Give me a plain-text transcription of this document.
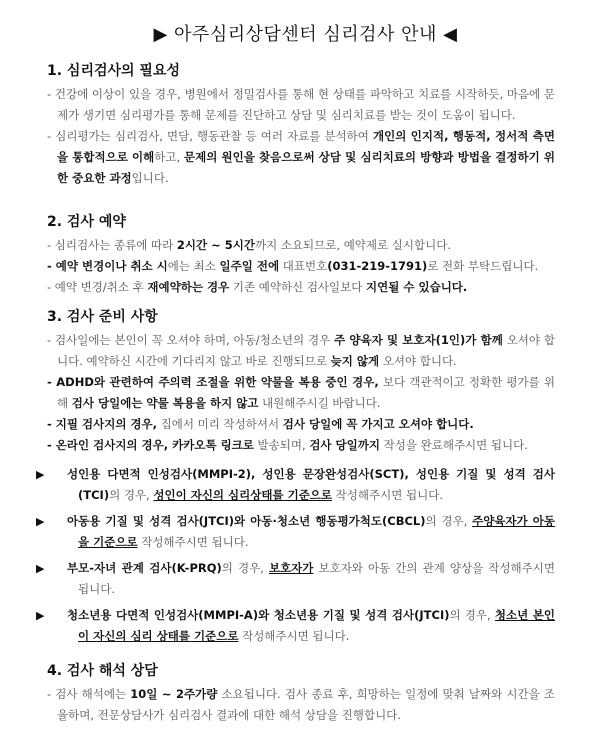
▶ 아주심리상담센터 심리검사 안내 ◀
1. 심리검사의 필요성

- 건강에 이상이 있을 경우, 병원에서 정밀검사를 통해 현 상태를 파악하고 치료를 시작하듯, 마음에 문제가 생기면 심리평가를 통해 문제를 진단하고 상담 및 심리치료를 받는 것이 도움이 됩니다.

- 심리평가는 심리검사, 면담, 행동관찰 등 여러 자료를 분석하여 개인의 인지적, 행동적, 정서적 측면을 통합적으로 이해하고, 문제의 원인을 찾음으로써 상담 및 심리치료의 방향과 방법을 결정하기 위한 중요한 과정입니다.

2. 검사 예약

- 심리검사는 종류에 따라 2시간 ~ 5시간까지 소요되므로, 예약제로 실시합니다.

- 예약 변경이나 취소 시에는 최소 일주일 전에 대표번호(031-219-1791)로 전화 부탁드립니다.

- 예약 변경/취소 후 재예약하는 경우 기존 예약하신 검사일보다 지연될 수 있습니다.

3. 검사 준비 사항

- 검사일에는 본인이 꼭 오셔야 하며, 아동/청소년의 경우 주 양육자 및 보호자(1인)가 함께 오셔야 합니다. 예약하신 시간에 기다리지 않고 바로 진행되므로 늦지 않게 오셔야 합니다.

- ADHD와 관련하여 주의력 조절을 위한 약물을 복용 중인 경우, 보다 객관적이고 정확한 평가를 위해 검사 당일에는 약물 복용을 하지 않고 내원해주시길 바랍니다.

- 지필 검사지의 경우, 집에서 미리 작성하셔서 검사 당일에 꼭 가지고 오셔야 합니다.

- 온라인 검사지의 경우, 카카오톡 링크로 발송되며, 검사 당일까지 작성을 완료해주시면 됩니다.

▶ 성인용 다면적 인성검사(MMPI-2), 성인용 문장완성검사(SCT), 성인용 기질 및 성격 검사(TCI)의 경우, 성인이 자신의 심리상태를 기준으로 작성해주시면 됩니다.

▶ 아동용 기질 및 성격 검사(JTCI)와 아동·청소년 행동평가척도(CBCL)의 경우, 주양육자가 아동을 기준으로 작성해주시면 됩니다.

▶ 부모-자녀 관계 검사(K-PRQ)의 경우, 보호자가 보호자와 아동 간의 관계 양상을 작성해주시면 됩니다.

▶ 청소년용 다면적 인성검사(MMPI-A)와 청소년용 기질 및 성격 검사(JTCI)의 경우, 청소년 본인이 자신의 심리 상태를 기준으로 작성해주시면 됩니다.

4. 검사 해석 상담

- 검사 해석에는 10일 ~ 2주가량 소요됩니다. 검사 종료 후, 희망하는 일정에 맞춰 날짜와 시간을 조율하며, 전문상담사가 심리검사 결과에 대한 해석 상담을 진행합니다.
